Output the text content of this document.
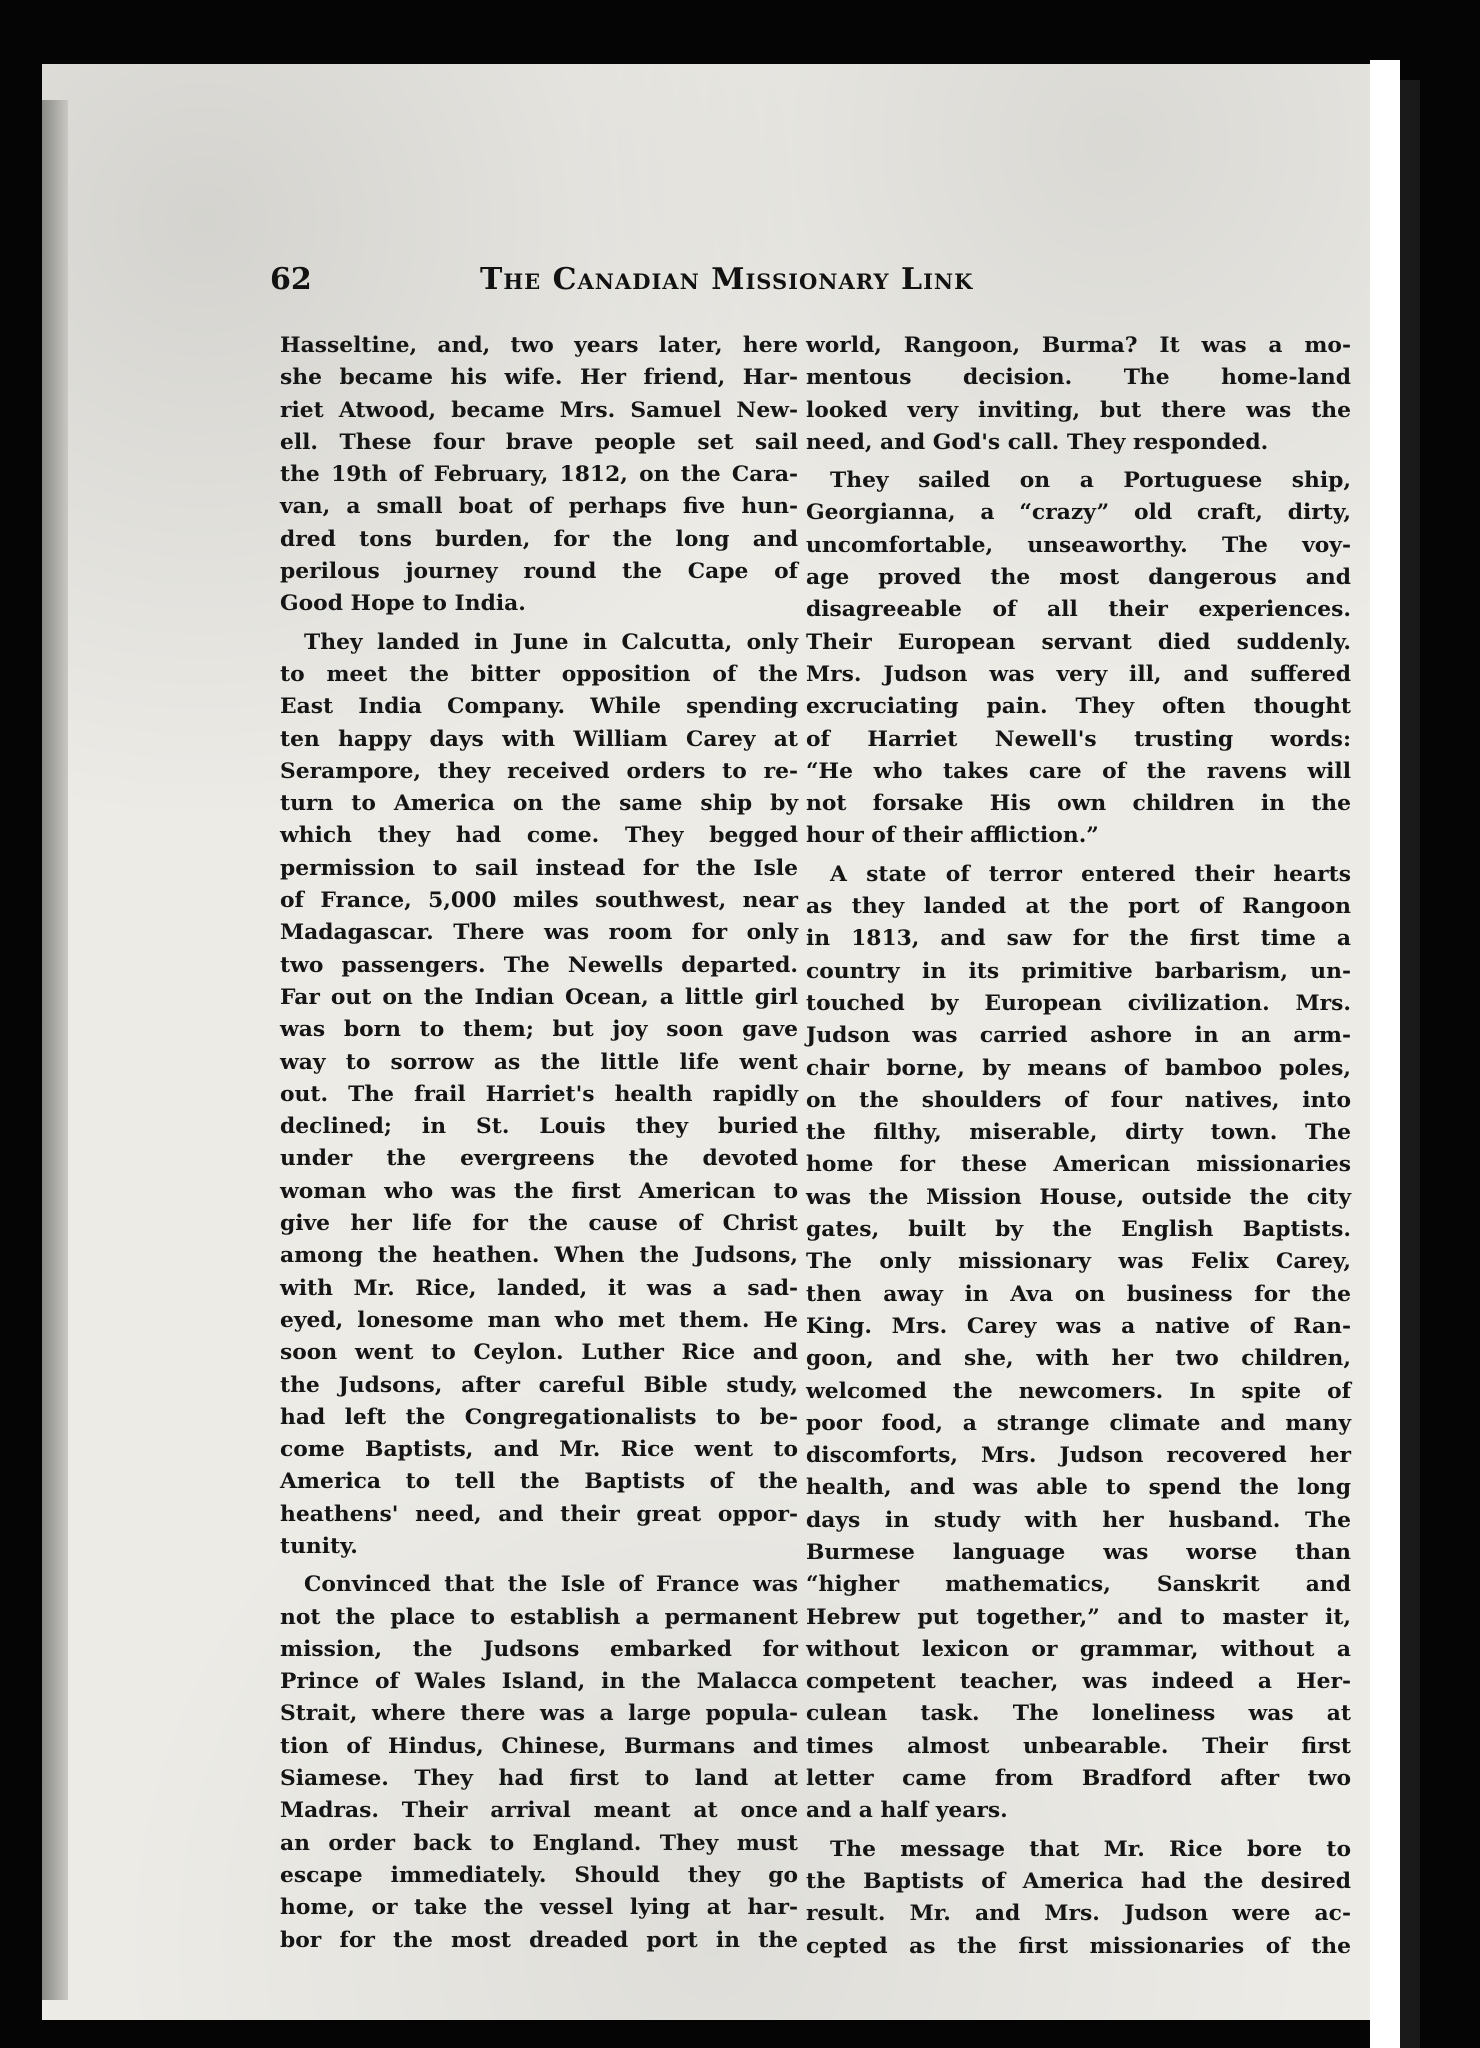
62	The Canadian Missionary Link
Hasseltine, and, two years later, here
she became his wife. Her friend, Har-
riet Atwood, became Mrs. Samuel New-
ell. These four brave people set sail
the 19th of February, 1812, on the Cara-
van, a small boat of perhaps five hun-
dred tons burden, for the long and
perilous journey round the Cape of
Good Hope to India.
They landed in June in Calcutta, only
to meet the bitter opposition of the
East India Company. While spending
ten happy days with William Carey at
Serampore, they received orders to re-
turn to America on the same ship by
which they had come. They begged
permission to sail instead for the Isle
of France, 5,000 miles southwest, near
Madagascar. There was room for only
two passengers. The Newells departed.
Far out on the Indian Ocean, a little girl
was born to them; but joy soon gave
way to sorrow as the little life went
out. The frail Harriet's health rapidly
declined; in St. Louis they buried
under the evergreens the devoted
woman who was the first American to
give her life for the cause of Christ
among the heathen. When the Judsons,
with Mr. Rice, landed, it was a sad-
eyed, lonesome man who met them. He
soon went to Ceylon. Luther Rice and
the Judsons, after careful Bible study,
had left the Congregationalists to be-
come Baptists, and Mr. Rice went to
America to tell the Baptists of the
heathens' need, and their great oppor-
tunity.
Convinced that the Isle of France was
not the place to establish a permanent
mission, the Judsons embarked for
Prince of Wales Island, in the Malacca
Strait, where there was a large popula-
tion of Hindus, Chinese, Burmans and
Siamese. They had first to land at
Madras. Their arrival meant at once
an order back to England. They must
escape immediately. Should they go
home, or take the vessel lying at har-
bor for the most dreaded port in the
world, Rangoon, Burma? It was a mo-
mentous decision. The home-land
looked very inviting, but there was the
need, and God's call. They responded.
They sailed on a Portuguese ship,
Georgianna, a “crazy” old craft, dirty,
uncomfortable, unseaworthy. The voy-
age proved the most dangerous and
disagreeable of all their experiences.
Their European servant died suddenly.
Mrs. Judson was very ill, and suffered
excruciating pain. They often thought
of Harriet Newell's trusting words:
“He who takes care of the ravens will
not forsake His own children in the
hour of their affliction.”
A state of terror entered their hearts
as they landed at the port of Rangoon
in 1813, and saw for the first time a
country in its primitive barbarism, un-
touched by European civilization. Mrs.
Judson was carried ashore in an arm-
chair borne, by means of bamboo poles,
on the shoulders of four natives, into
the filthy, miserable, dirty town. The
home for these American missionaries
was the Mission House, outside the city
gates, built by the English Baptists.
The only missionary was Felix Carey,
then away in Ava on business for the
King. Mrs. Carey was a native of Ran-
goon, and she, with her two children,
welcomed the newcomers. In spite of
poor food, a strange climate and many
discomforts, Mrs. Judson recovered her
health, and was able to spend the long
days in study with her husband. The
Burmese language was worse than
“higher mathematics, Sanskrit and
Hebrew put together,” and to master it,
without lexicon or grammar, without a
competent teacher, was indeed a Her-
culean task. The loneliness was at
times almost unbearable. Their first
letter came from Bradford after two
and a half years.
The message that Mr. Rice bore to
the Baptists of America had the desired
result. Mr. and Mrs. Judson were ac-
cepted as the first missionaries of the
